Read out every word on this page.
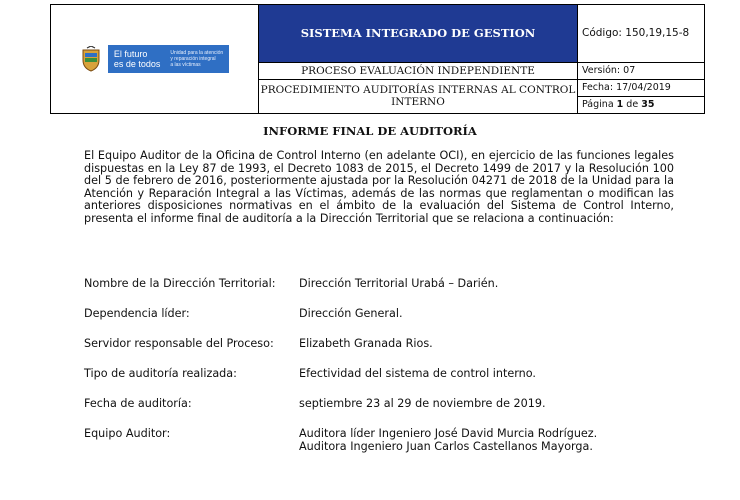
El futuro
es de todos
Unidad para la atención
y reparación integral
a las víctimas	SISTEMA INTEGRADO DE GESTION	Código: 150,19,15-8
	PROCESO EVALUACIÓN INDEPENDIENTE	Versión: 07
	PROCEDIMIENTO AUDITORÍAS INTERNAS AL CONTROL INTERNO	Fecha: 17/04/2019
		Página 1 de 35
INFORME FINAL DE AUDITORÍA
El Equipo Auditor de la Oficina de Control Interno (en adelante OCI), en ejercicio de las funciones legales dispuestas en la Ley 87 de 1993, el Decreto 1083 de 2015, el Decreto 1499 de 2017 y la Resolución 100 del 5 de febrero de 2016, posteriormente ajustada por la Resolución 04271 de 2018 de la Unidad para la Atención y Reparación Integral a las Víctimas, además de las normas que reglamentan o modifican las anteriores disposiciones normativas en el ámbito de la evaluación del Sistema de Control Interno, presenta el informe final de auditoría a la Dirección Territorial que se relaciona a continuación:
Nombre de la Dirección Territorial: Dirección Territorial Urabá – Darién.
Dependencia líder:	Dirección General.
Servidor responsable del Proceso: Elizabeth Granada Rios.
Tipo de auditoría realizada:	Efectividad del sistema de control interno.
Fecha de auditoría:	septiembre 23 al 29 de noviembre de 2019.
Equipo Auditor:	Auditora líder Ingeniero José David Murcia Rodríguez.
Auditora Ingeniero Juan Carlos Castellanos Mayorga.
